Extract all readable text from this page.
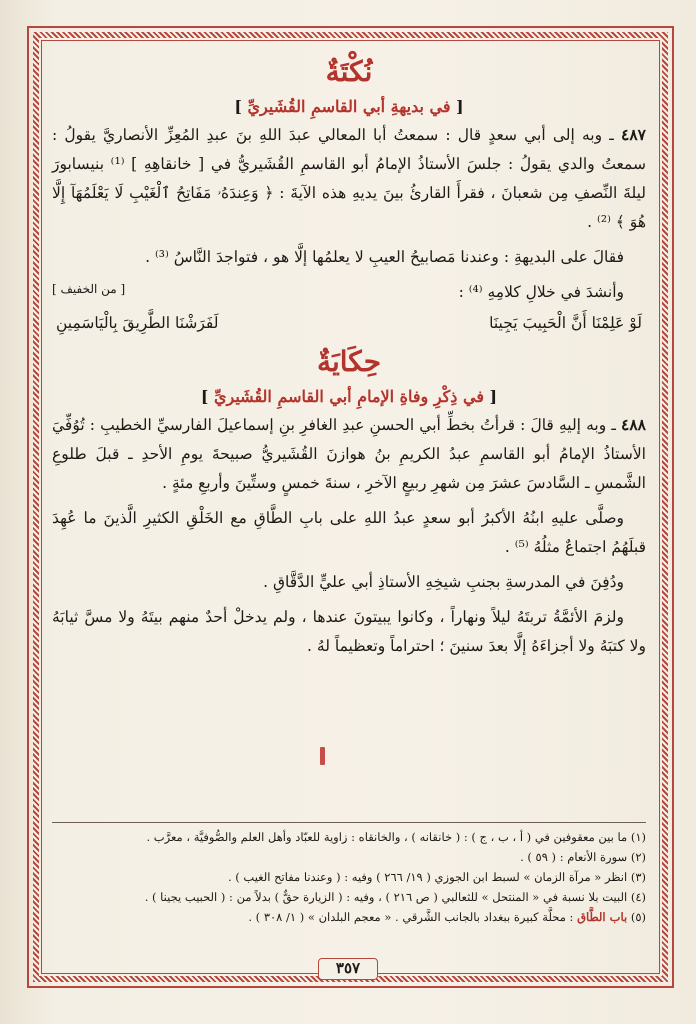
نُكْتَةٌ
[ في بديهةِ أبي القاسمِ القُشَيريِّ ]

٤٨٧ ـ وبه إلى أبي سعدٍ قال : سمعتُ أبا المعالي عبدَ اللهِ بنَ عبدِ المُعِزِّ الأنصاريَّ يقولُ : سمعتُ والدي يقولُ : جلسَ الأستاذُ الإمامُ أبو القاسمِ القُشَيريُّ في [ خانقاهِهِ ] ⁽¹⁾ بنيسابورَ ليلةَ النِّصفِ مِن شعبانَ ، فقرأَ القارئُ بينَ يديهِ هذه الآيةَ : ﴿ وَعِندَهُۥ مَفَاتِحُ ٱلْغَيْبِ لَا يَعْلَمُهَآ إِلَّا هُوَ ﴾ ⁽²⁾ .

فقالَ على البديهةِ : وعندنا مَصابيحُ العيبِ لا يعلمُها إلَّا هو ، فتواجدَ النَّاسُ ⁽³⁾ .

وأنشدَ في خلالِ كلامِهِ ⁽⁴⁾ :

[ من الخفيف ]
لَوْ عَلِمْنَا أَنَّ الْحَبِيبَ يَجِينَا
لَفَرَشْنَا الطَّرِيقَ بِالْيَاسَمِينِ
حِكَايَةٌ
[ في ذِكْرِ وفاةِ الإمامِ أبي القاسمِ القُشَيريِّ ]

٤٨٨ ـ وبه إليهِ قالَ : قرأتُ بخطِّ أبي الحسنِ عبدِ الغافرِ بنِ إسماعيلَ الفارسيِّ الخطيبِ : تُوُفِّيَ الأستاذُ الإمامُ أبو القاسمِ عبدُ الكريمِ بنُ هوازنَ القُشَيريُّ صبيحةَ يومِ الأحدِ ـ قبلَ طلوعِ الشَّمسِ ـ السَّادسَ عشرَ مِن شهرِ ربيعٍ الآخرِ ، سنةَ خمسٍ وستِّينَ وأربعِ مئةٍ .

وصلَّى عليهِ ابنُهُ الأكبرُ أبو سعدٍ عبدُ اللهِ على بابِ الطَّاقِ مع الخَلْقِ الكثيرِ الَّذينَ ما عُهِدَ قبلَهُمُ اجتماعٌ مثلُهُ ⁽⁵⁾ .

ودُفِنَ في المدرسةِ بجنبِ شيخِهِ الأستاذِ أبي عليٍّ الدَّقَّاقِ .

ولزمَ الأئمَّةُ تربتَهُ ليلاً ونهاراً ، وكانوا يبيتونَ عندها ، ولم يدخلْ أحدٌ منهم بيتَهُ ولا مسَّ ثيابَهُ ولا كتبَهُ ولا أجزاءَهُ إلَّا بعدَ سنينَ ؛ احتراماً وتعظيماً لهُ .

(١) ما بين معقوفين في ( أ ، ب ، ج ) : ( خانقانه ) ، والخانقاه : زاوية للعبّاد وأهل العلم والصُّوفيَّة ، معرَّب .
(٢) سورة الأنعام : ( ٥٩ ) .
(٣) انظر « مرآة الزمان » لسبط ابن الجوزي ( ١٩/ ٢٦٦ ) وفيه : ( وعندنا مفاتح الغيب ) .
(٤) البيت بلا نسبة في « المنتحل » للثعالبي ( ص ٢١٦ ) ، وفيه : ( الزيارة حقٌّ ) بدلاً من : ( الحبيب يجينا ) .
(٥) باب الطَّاق : محلَّة كبيرة ببغداد بالجانب الشَّرقي . « معجم البلدان » ( ١/ ٣٠٨ ) .
٣٥٧
